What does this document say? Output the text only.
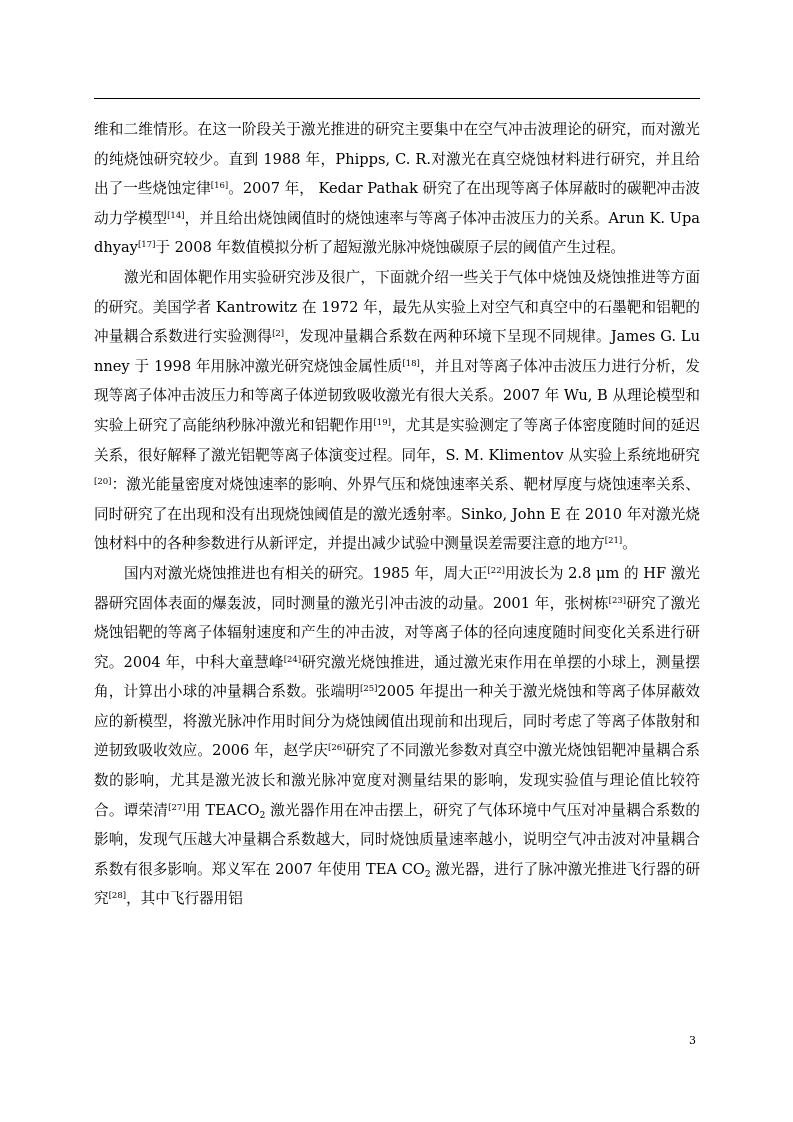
维和二维情形。在这一阶段关于激光推进的研究主要集中在空气冲击波理论的研究，而对激光的纯烧蚀研究较少。直到 1988 年，Phipps, C. R.对激光在真空烧蚀材料进行研究，并且给出了一些烧蚀定律[16]。2007 年， Kedar Pathak 研究了在出现等离子体屏蔽时的碳靶冲击波动力学模型[14]，并且给出烧蚀阈值时的烧蚀速率与等离子体冲击波压力的关系。Arun K. Upadhyay[17]于 2008 年数值模拟分析了超短激光脉冲烧蚀碳原子层的阈值产生过程。

激光和固体靶作用实验研究涉及很广，下面就介绍一些关于气体中烧蚀及烧蚀推进等方面的研究。美国学者 Kantrowitz 在 1972 年，最先从实验上对空气和真空中的石墨靶和铝靶的冲量耦合系数进行实验测得[2]，发现冲量耦合系数在两种环境下呈现不同规律。James G. Lunney 于 1998 年用脉冲激光研究烧蚀金属性质[18]，并且对等离子体冲击波压力进行分析，发现等离子体冲击波压力和等离子体逆韧致吸收激光有很大关系。2007 年 Wu, B 从理论模型和实验上研究了高能纳秒脉冲激光和铝靶作用[19]，尤其是实验测定了等离子体密度随时间的延迟关系，很好解释了激光铝靶等离子体演变过程。同年，S. M. Klimentov 从实验上系统地研究[20]：激光能量密度对烧蚀速率的影响、外界气压和烧蚀速率关系、靶材厚度与烧蚀速率关系、同时研究了在出现和没有出现烧蚀阈值是的激光透射率。Sinko, John E 在 2010 年对激光烧蚀材料中的各种参数进行从新评定，并提出减少试验中测量误差需要注意的地方[21]。

国内对激光烧蚀推进也有相关的研究。1985 年，周大正[22]用波长为 2.8 μm 的 HF 激光器研究固体表面的爆轰波，同时测量的激光引冲击波的动量。2001 年，张树栋[23]研究了激光烧蚀铝靶的等离子体辐射速度和产生的冲击波，对等离子体的径向速度随时间变化关系进行研究。2004 年，中科大童慧峰[24]研究激光烧蚀推进，通过激光束作用在单摆的小球上，测量摆角，计算出小球的冲量耦合系数。张端明[25]2005 年提出一种关于激光烧蚀和等离子体屏蔽效应的新模型，将激光脉冲作用时间分为烧蚀阈值出现前和出现后，同时考虑了等离子体散射和逆韧致吸收效应。2006 年，赵学庆[26]研究了不同激光参数对真空中激光烧蚀铝靶冲量耦合系数的影响，尤其是激光波长和激光脉冲宽度对测量结果的影响，发现实验值与理论值比较符合。谭荣清[27]用 $TEACO_2$ 激光器作用在冲击摆上，研究了气体环境中气压对冲量耦合系数的影响，发现气压越大冲量耦合系数越大，同时烧蚀质量速率越小，说明空气冲击波对冲量耦合系数有很多影响。郑义军在 2007 年使用 TEA $CO_2$ 激光器，进行了脉冲激光推进飞行器的研究[28]，其中飞行器用铝

3
